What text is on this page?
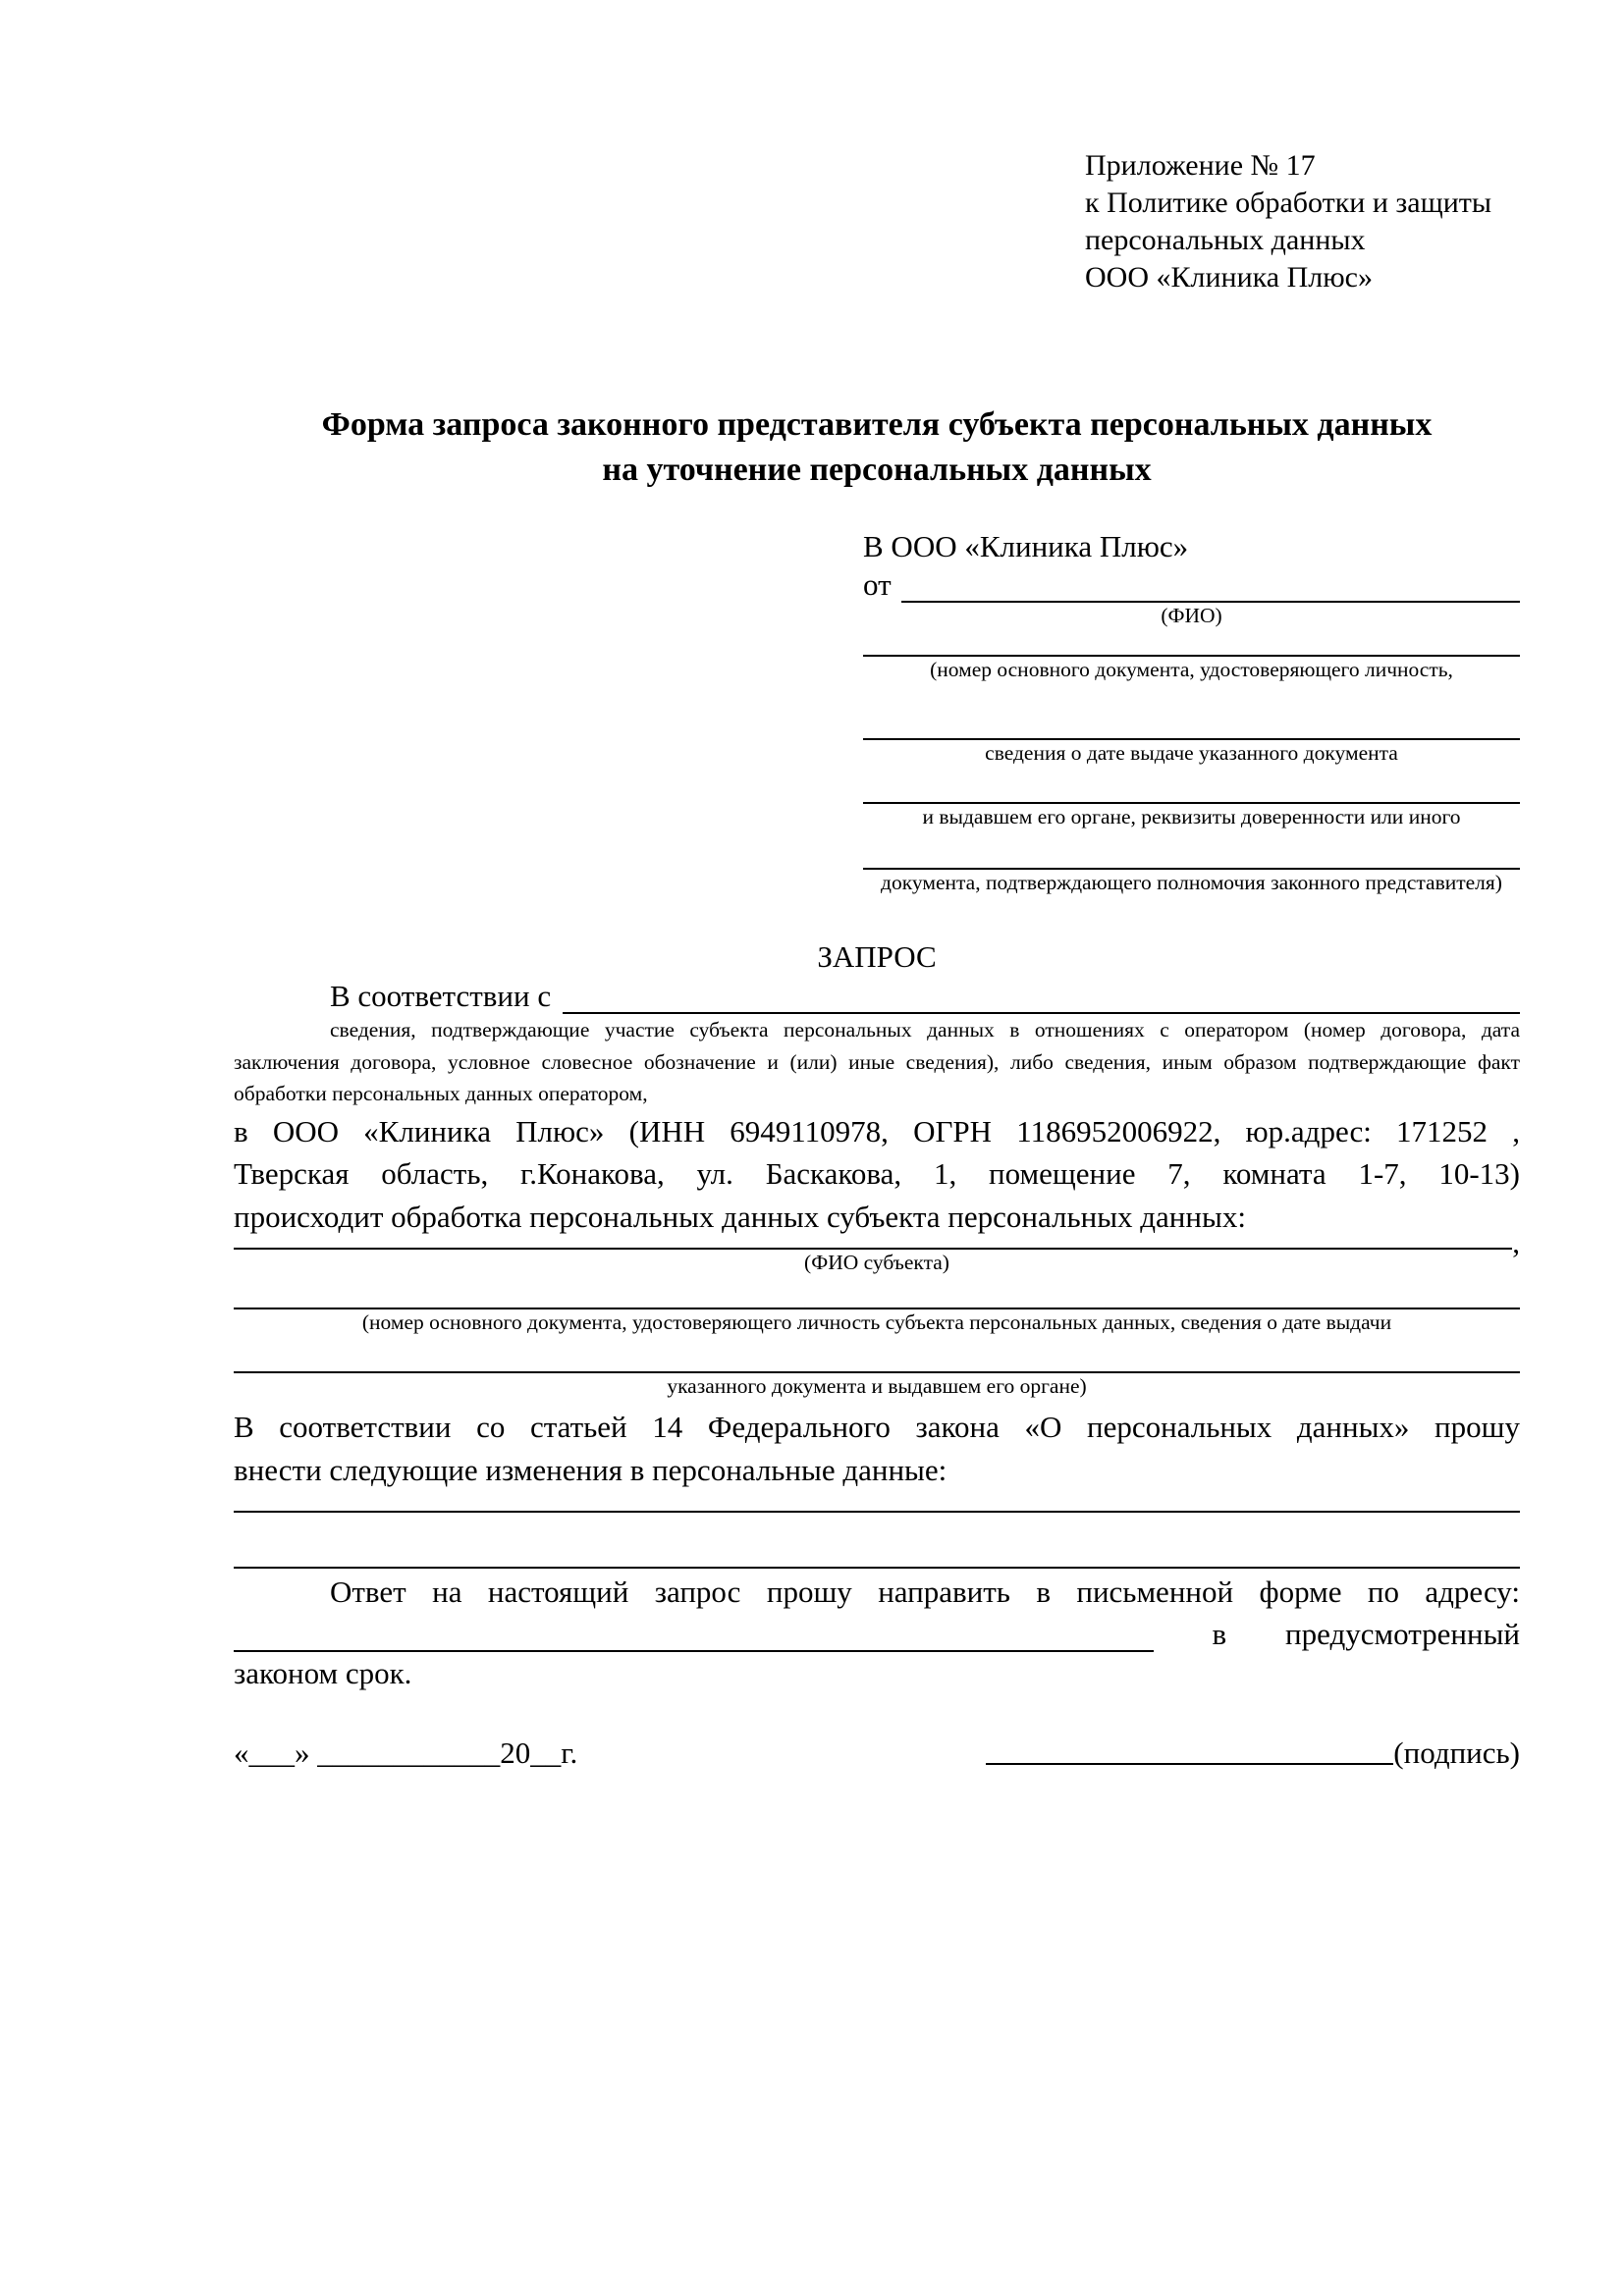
Приложение № 17
к Политике обработки и защиты
персональных данных
ООО «Клиника Плюс»
Форма запроса законного представителя субъекта персональных данных
на уточнение персональных данных
В ООО «Клиника Плюс»
от
(ФИО)
(номер основного документа, удостоверяющего личность,
сведения о дате выдаче указанного документа
и выдавшем его органе, реквизиты доверенности или иного
документа, подтверждающего полномочия законного представителя)
ЗАПРОС
В соответствии с
сведения, подтверждающие участие субъекта персональных данных в отношениях с оператором (номер договора, дата
заключения договора, условное словесное обозначение и (или) иные сведения), либо сведения, иным образом подтверждающие факт
обработки персональных данных оператором,
в ООО «Клиника Плюс» (ИНН 6949110978, ОГРН 1186952006922, юр.адрес: 171252 ,
Тверская область, г.Конакова, ул. Баскакова, 1, помещение 7, комната 1-7, 10-13)
происходит обработка персональных данных субъекта персональных данных:
,
(ФИО субъекта)
(номер основного документа, удостоверяющего личность субъекта персональных данных, сведения о дате выдачи
указанного документа и выдавшем его органе)
В соответствии со статьей 14 Федерального закона «О персональных данных» прошу
внести следующие изменения в персональные данные:
Ответ на настоящий запрос прошу направить в письменной форме по адресу:
в предусмотренный
законом срок.
«___» ____________20__г.	(подпись)
